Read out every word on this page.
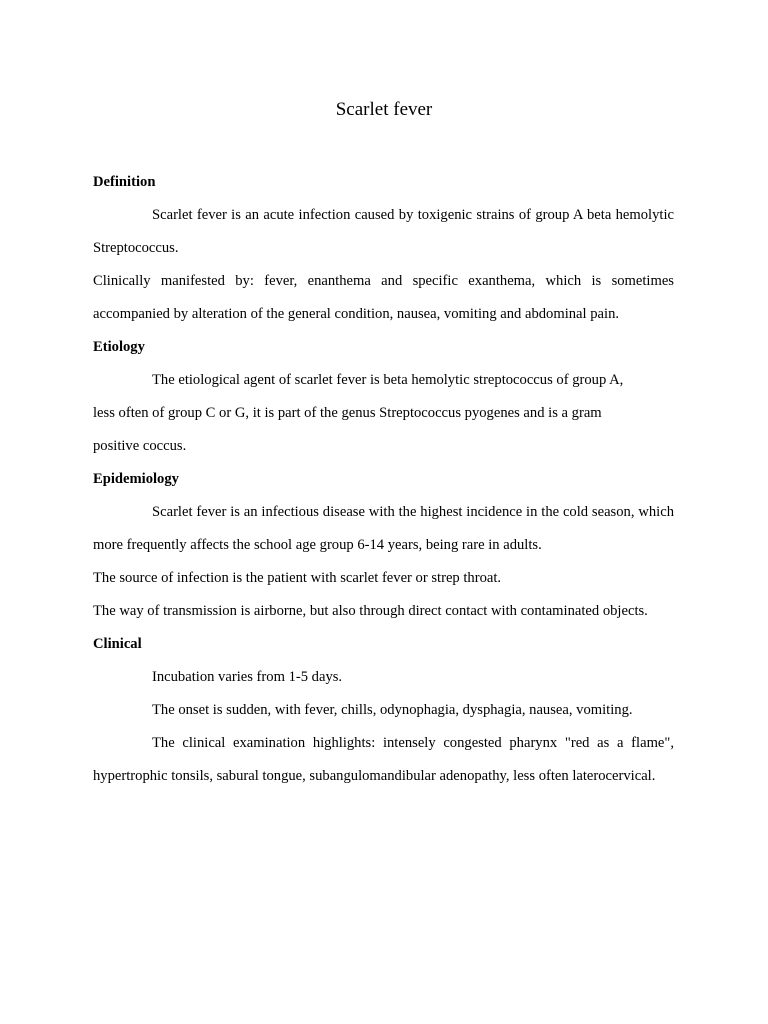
Scarlet fever

Definition

Scarlet fever is an acute infection caused by toxigenic strains of group A beta hemolytic Streptococcus.

Clinically manifested by: fever, enanthema and specific exanthema, which is sometimes accompanied by alteration of the general condition, nausea, vomiting and abdominal pain.

Etiology

The etiological agent of scarlet fever is beta hemolytic streptococcus of group A,

less often of group C or G, it is part of the genus Streptococcus pyogenes and is a gram

positive coccus.

Epidemiology

Scarlet fever is an infectious disease with the highest incidence in the cold season, which more frequently affects the school age group 6-14 years, being rare in adults.

The source of infection is the patient with scarlet fever or strep throat.

The way of transmission is airborne, but also through direct contact with contaminated objects.

Clinical

Incubation varies from 1-5 days.

The onset is sudden, with fever, chills, odynophagia, dysphagia, nausea, vomiting.

The clinical examination highlights: intensely congested pharynx "red as a flame", hypertrophic tonsils, sabural tongue, subangulomandibular adenopathy, less often laterocervical.
